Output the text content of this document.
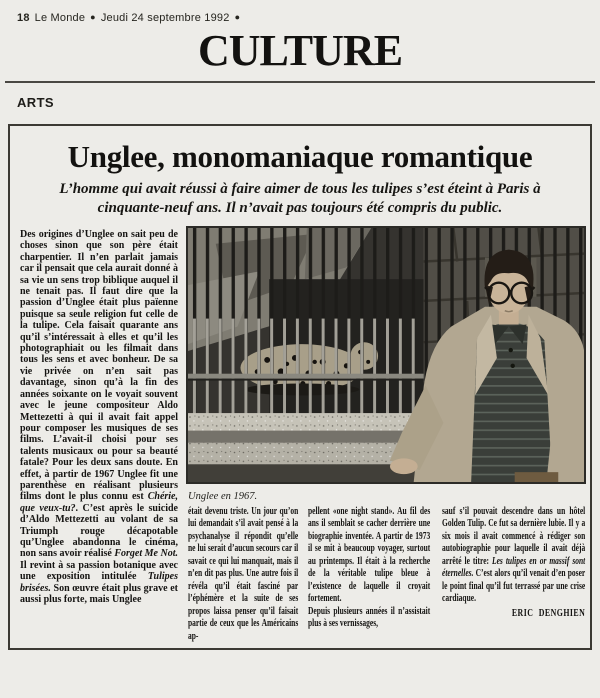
18 Le Monde ● Jeudi 24 septembre 1992 ●
CULTURE
ARTS
Unglee, monomaniaque romantique
L’homme qui avait réussi à faire aimer de tous les tulipes s’est éteint à Paris à cinquante-neuf ans. Il n’avait pas toujours été compris du public.

Des origines d’Unglee on sait peu de choses sinon que son père était charpentier. Il n’en parlait jamais car il pensait que cela aurait donné à sa vie un sens trop biblique auquel il ne tenait pas. Il faut dire que la passion d’Unglee était plus païenne puisque sa seule religion fut celle de la tulipe. Cela faisait quarante ans qu’il s’intéressait à elles et qu’il les photographiait ou les filmait dans tous les sens et avec bonheur. De sa vie privée on n’en sait pas davantage, sinon qu’à la fin des années soixante on le voyait souvent avec le jeune compositeur Aldo Mettezetti à qui il avait fait appel pour composer les musiques de ses films. L’avait-il choisi pour ses talents musicaux ou pour sa beauté fatale? Pour les deux sans doute. En effet, à partir de 1967 Unglee fit une parenthèse en réalisant plusieurs films dont le plus connu est Chérie, que veux-tu?. C’est après le suicide d’Aldo Mettezetti au volant de sa Triumph rouge décapotable qu’Unglee abandonna le cinéma, non sans avoir réalisé Forget Me Not. Il revint à sa passion botanique avec une exposition intitulée Tulipes brisées. Son œuvre était plus grave et aussi plus forte, mais Unglee

Unglee en 1967.

était devenu triste. Un jour qu’on lui demandait s’il avait pensé à la psychanalyse il répondit qu’elle ne lui serait d’aucun secours car il savait ce qui lui manquait, mais il n’en dit pas plus. Une autre fois il révéla qu’il était fasciné par l’éphémère et la suite de ses propos laissa penser qu’il faisait partie de ceux que les Américains ap-

pellent «one night stand». Au fil des ans il semblait se cacher derrière une biographie inventée. A partir de 1973 il se mit à beaucoup voyager, surtout au printemps. Il était à la recherche de la véritable tulipe bleue à l’existence de laquelle il croyait fortement.

Depuis plusieurs années il n’assistait plus à ses vernissages,

sauf s’il pouvait descendre dans un hôtel Golden Tulip. Ce fut sa dernière lubie. Il y a six mois il avait commencé à rédiger son autobiographie pour laquelle il avait déjà arrêté le titre: Les tulipes en or massif sont éternelles. C’est alors qu’il venait d’en poser le point final qu’il fut terrassé par une crise cardiaque.

ERIC DENGHIEN
